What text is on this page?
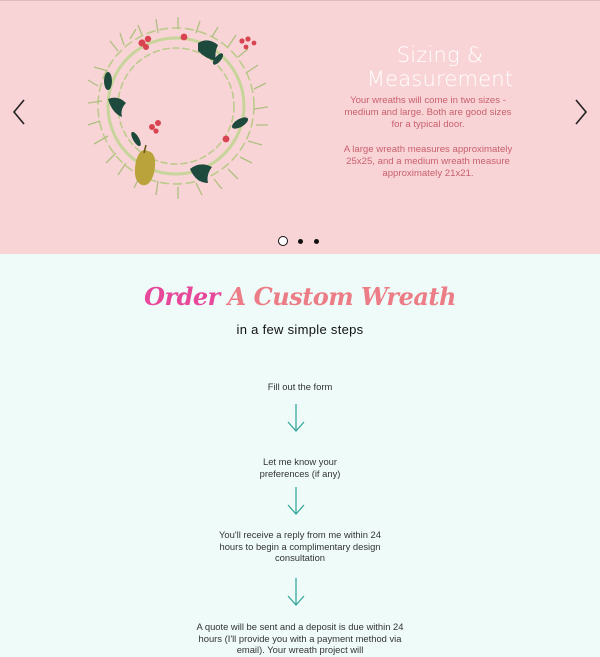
Sizing & Measurement
Your wreaths will come in two sizes -medium and large. Both are good sizes for a typical door.
A large wreath measures approximately 25x25, and a medium wreath measure approximately 21x21.
Order A Custom Wreath
in a few simple steps
Fill out the form
Let me know your preferences (if any)
You'll receive a reply from me within 24 hours to begin a complimentary design consultation
A quote will be sent and a deposit is due within 24 hours (I'll provide you with a payment method via email). Your wreath project will
